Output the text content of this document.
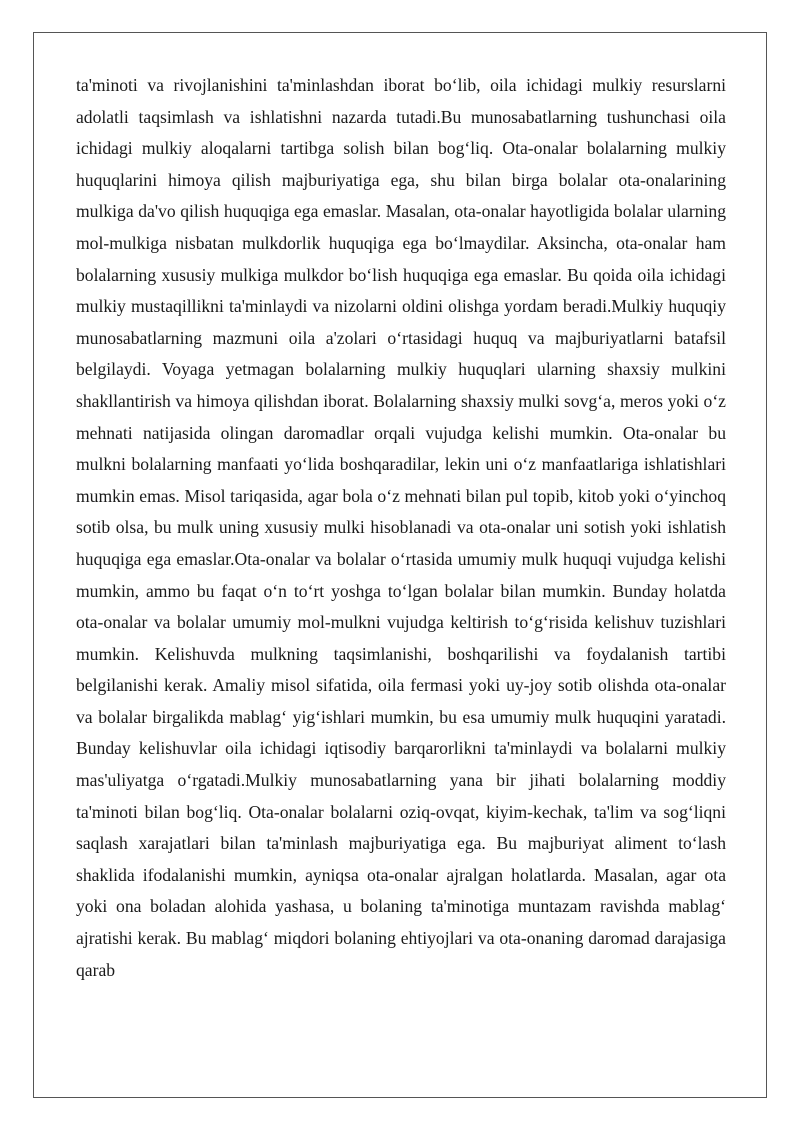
ta'minoti va rivojlanishini ta'minlashdan iborat bo‘lib, oila ichidagi mulkiy resurslarni adolatli taqsimlash va ishlatishni nazarda tutadi.Bu munosabatlarning tushunchasi oila ichidagi mulkiy aloqalarni tartibga solish bilan bog‘liq. Ota-onalar bolalarning mulkiy huquqlarini himoya qilish majburiyatiga ega, shu bilan birga bolalar ota-onalarining mulkiga da'vo qilish huquqiga ega emaslar. Masalan, ota-onalar hayotligida bolalar ularning mol-mulkiga nisbatan mulkdorlik huquqiga ega bo‘lmaydilar. Aksincha, ota-onalar ham bolalarning xususiy mulkiga mulkdor bo‘lish huquqiga ega emaslar. Bu qoida oila ichidagi mulkiy mustaqillikni ta'minlaydi va nizolarni oldini olishga yordam beradi.Mulkiy huquqiy munosabatlarning mazmuni oila a'zolari o‘rtasidagi huquq va majburiyatlarni batafsil belgilaydi. Voyaga yetmagan bolalarning mulkiy huquqlari ularning shaxsiy mulkini shakllantirish va himoya qilishdan iborat. Bolalarning shaxsiy mulki sovg‘a, meros yoki o‘z mehnati natijasida olingan daromadlar orqali vujudga kelishi mumkin. Ota-onalar bu mulkni bolalarning manfaati yo‘lida boshqaradilar, lekin uni o‘z manfaatlariga ishlatishlari mumkin emas. Misol tariqasida, agar bola o‘z mehnati bilan pul topib, kitob yoki o‘yinchoq sotib olsa, bu mulk uning xususiy mulki hisoblanadi va ota-onalar uni sotish yoki ishlatish huquqiga ega emaslar.Ota-onalar va bolalar o‘rtasida umumiy mulk huquqi vujudga kelishi mumkin, ammo bu faqat o‘n to‘rt yoshga to‘lgan bolalar bilan mumkin. Bunday holatda ota-onalar va bolalar umumiy mol-mulkni vujudga keltirish to‘g‘risida kelishuv tuzishlari mumkin. Kelishuvda mulkning taqsimlanishi, boshqarilishi va foydalanish tartibi belgilanishi kerak. Amaliy misol sifatida, oila fermasi yoki uy-joy sotib olishda ota-onalar va bolalar birgalikda mablag‘ yig‘ishlari mumkin, bu esa umumiy mulk huquqini yaratadi. Bunday kelishuvlar oila ichidagi iqtisodiy barqarorlikni ta'minlaydi va bolalarni mulkiy mas'uliyatga o‘rgatadi.Mulkiy munosabatlarning yana bir jihati bolalarning moddiy ta'minoti bilan bog‘liq. Ota-onalar bolalarni oziq-ovqat, kiyim-kechak, ta'lim va sog‘liqni saqlash xarajatlari bilan ta'minlash majburiyatiga ega. Bu majburiyat aliment to‘lash shaklida ifodalanishi mumkin, ayniqsa ota-onalar ajralgan holatlarda. Masalan, agar ota yoki ona boladan alohida yashasa, u bolaning ta'minotiga muntazam ravishda mablag‘ ajratishi kerak. Bu mablag‘ miqdori bolaning ehtiyojlari va ota-onaning daromad darajasiga qarab
